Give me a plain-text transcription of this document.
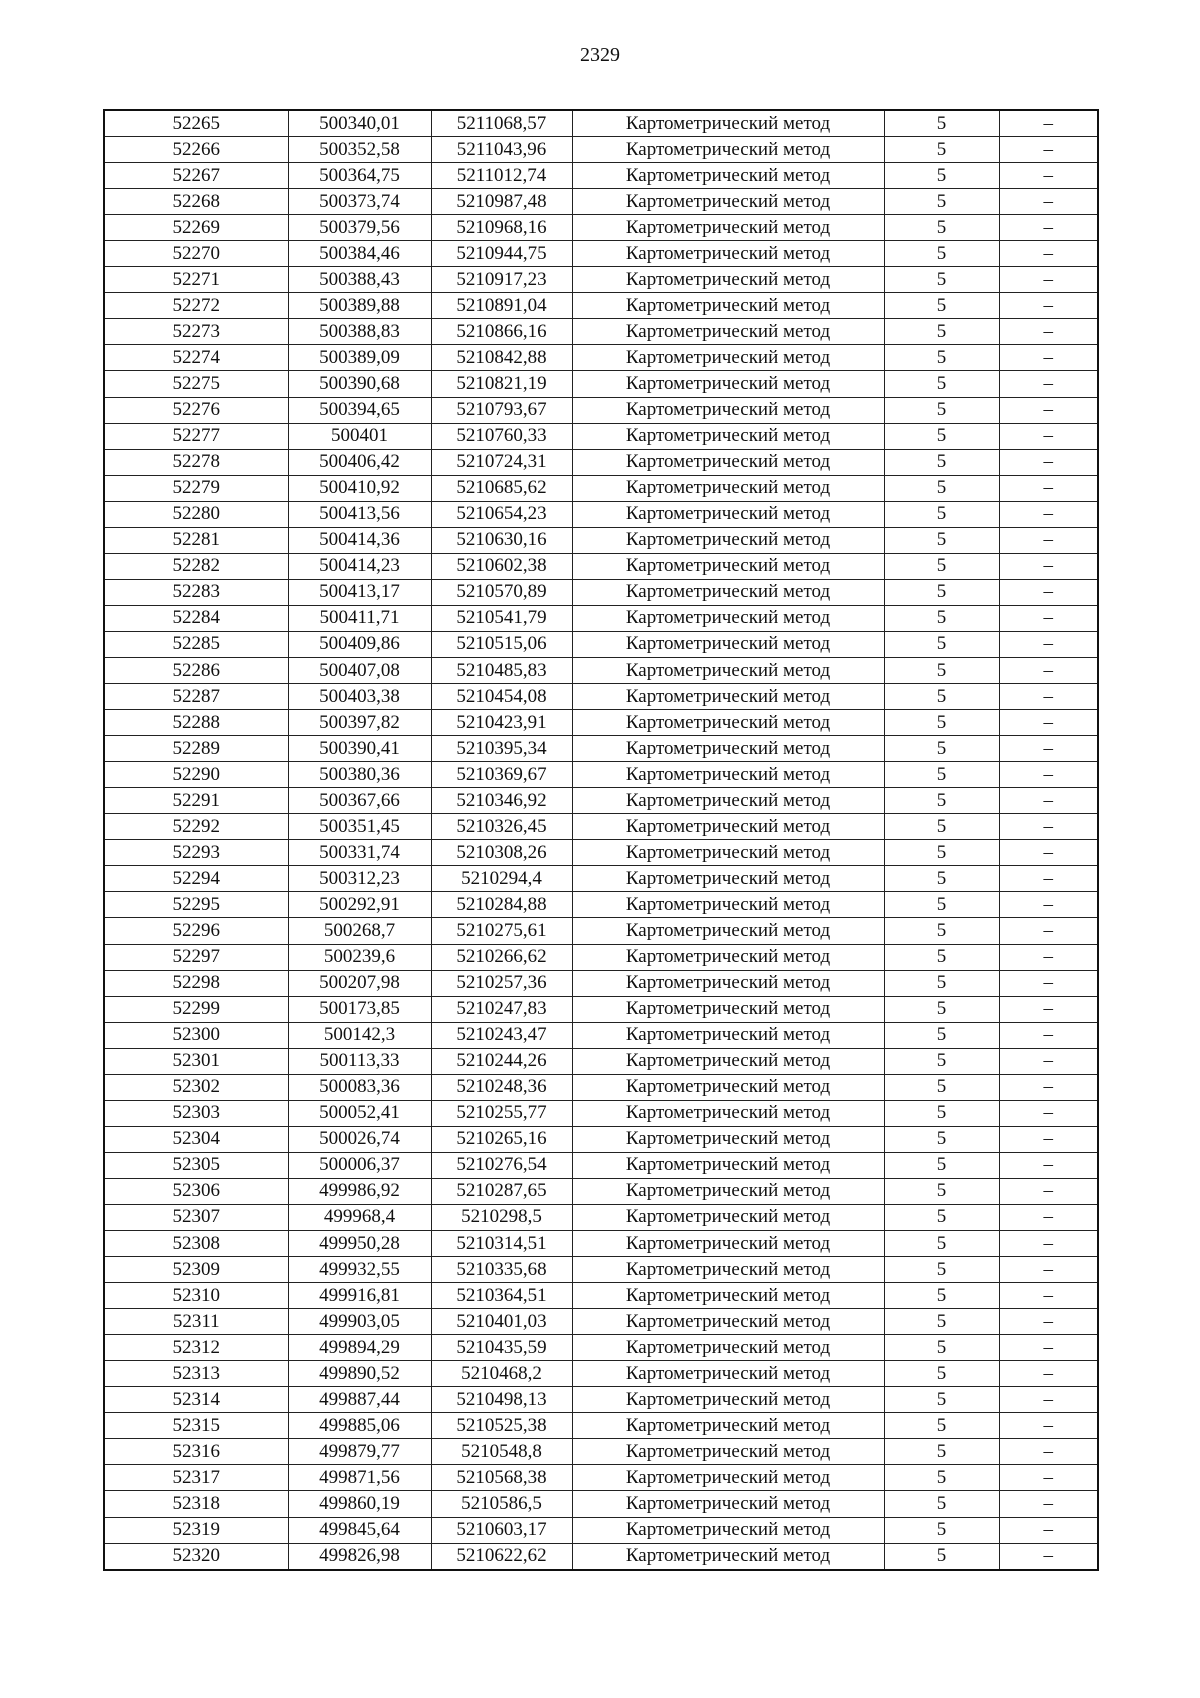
2329
52265	500340,01	5211068,57	Картометрический метод	5	–
52266	500352,58	5211043,96	Картометрический метод	5	–
52267	500364,75	5211012,74	Картометрический метод	5	–
52268	500373,74	5210987,48	Картометрический метод	5	–
52269	500379,56	5210968,16	Картометрический метод	5	–
52270	500384,46	5210944,75	Картометрический метод	5	–
52271	500388,43	5210917,23	Картометрический метод	5	–
52272	500389,88	5210891,04	Картометрический метод	5	–
52273	500388,83	5210866,16	Картометрический метод	5	–
52274	500389,09	5210842,88	Картометрический метод	5	–
52275	500390,68	5210821,19	Картометрический метод	5	–
52276	500394,65	5210793,67	Картометрический метод	5	–
52277	500401	5210760,33	Картометрический метод	5	–
52278	500406,42	5210724,31	Картометрический метод	5	–
52279	500410,92	5210685,62	Картометрический метод	5	–
52280	500413,56	5210654,23	Картометрический метод	5	–
52281	500414,36	5210630,16	Картометрический метод	5	–
52282	500414,23	5210602,38	Картометрический метод	5	–
52283	500413,17	5210570,89	Картометрический метод	5	–
52284	500411,71	5210541,79	Картометрический метод	5	–
52285	500409,86	5210515,06	Картометрический метод	5	–
52286	500407,08	5210485,83	Картометрический метод	5	–
52287	500403,38	5210454,08	Картометрический метод	5	–
52288	500397,82	5210423,91	Картометрический метод	5	–
52289	500390,41	5210395,34	Картометрический метод	5	–
52290	500380,36	5210369,67	Картометрический метод	5	–
52291	500367,66	5210346,92	Картометрический метод	5	–
52292	500351,45	5210326,45	Картометрический метод	5	–
52293	500331,74	5210308,26	Картометрический метод	5	–
52294	500312,23	5210294,4	Картометрический метод	5	–
52295	500292,91	5210284,88	Картометрический метод	5	–
52296	500268,7	5210275,61	Картометрический метод	5	–
52297	500239,6	5210266,62	Картометрический метод	5	–
52298	500207,98	5210257,36	Картометрический метод	5	–
52299	500173,85	5210247,83	Картометрический метод	5	–
52300	500142,3	5210243,47	Картометрический метод	5	–
52301	500113,33	5210244,26	Картометрический метод	5	–
52302	500083,36	5210248,36	Картометрический метод	5	–
52303	500052,41	5210255,77	Картометрический метод	5	–
52304	500026,74	5210265,16	Картометрический метод	5	–
52305	500006,37	5210276,54	Картометрический метод	5	–
52306	499986,92	5210287,65	Картометрический метод	5	–
52307	499968,4	5210298,5	Картометрический метод	5	–
52308	499950,28	5210314,51	Картометрический метод	5	–
52309	499932,55	5210335,68	Картометрический метод	5	–
52310	499916,81	5210364,51	Картометрический метод	5	–
52311	499903,05	5210401,03	Картометрический метод	5	–
52312	499894,29	5210435,59	Картометрический метод	5	–
52313	499890,52	5210468,2	Картометрический метод	5	–
52314	499887,44	5210498,13	Картометрический метод	5	–
52315	499885,06	5210525,38	Картометрический метод	5	–
52316	499879,77	5210548,8	Картометрический метод	5	–
52317	499871,56	5210568,38	Картометрический метод	5	–
52318	499860,19	5210586,5	Картометрический метод	5	–
52319	499845,64	5210603,17	Картометрический метод	5	–
52320	499826,98	5210622,62	Картометрический метод	5	–
